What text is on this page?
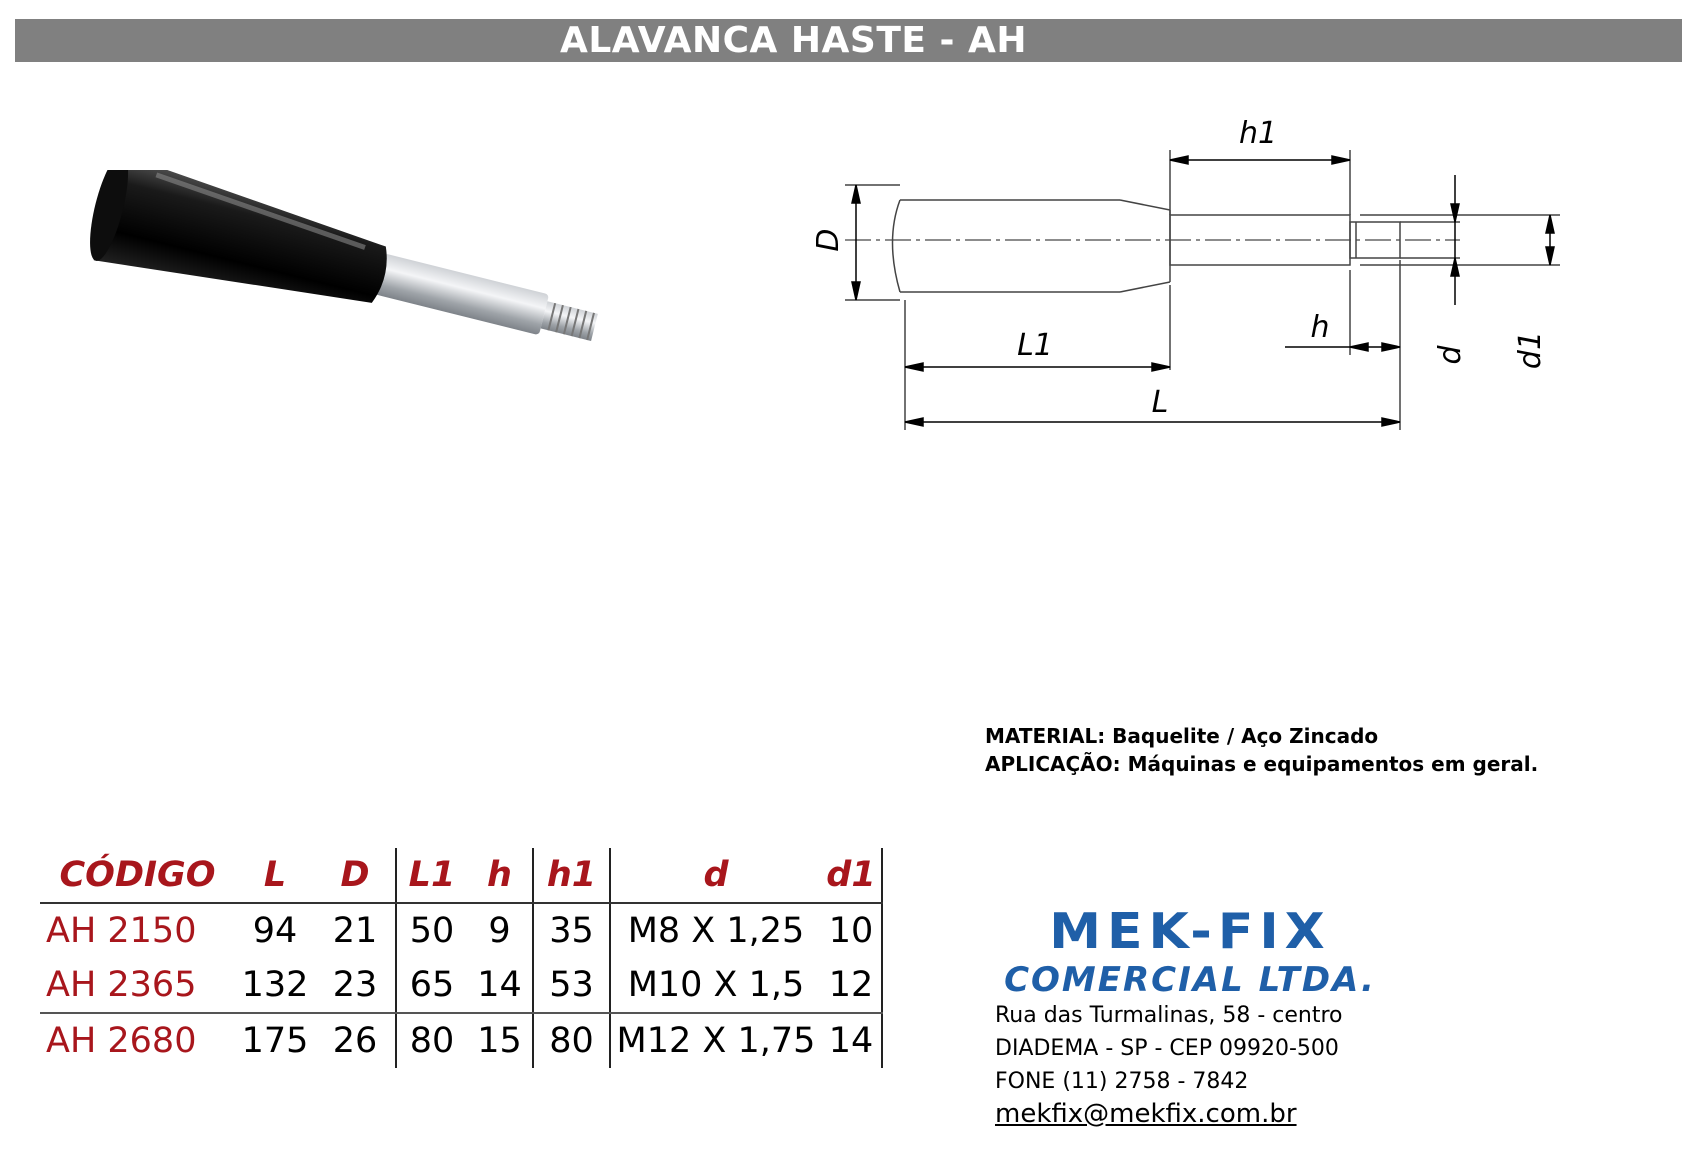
ALAVANCA HASTE - AH
h1
D
L1
L
h
d d1
MATERIAL: Baquelite / Aço Zincado
APLICAÇÃO: Máquinas e equipamentos em geral.
CÓDIGO	L	D	L1	h	h1	d	d1
AH 2150	94	21	50	9	35	M8 X 1,25	10
AH 2365	132	23	65	14	53	M10 X 1,5	12
AH 2680	175	26	80	15	80	M12 X 1,75	14
MEK-FIX
COMERCIAL LTDA.
Rua das Turmalinas, 58 - centro
DIADEMA - SP - CEP 09920-500
FONE (11) 2758 - 7842
mekfix@mekfix.com.br
